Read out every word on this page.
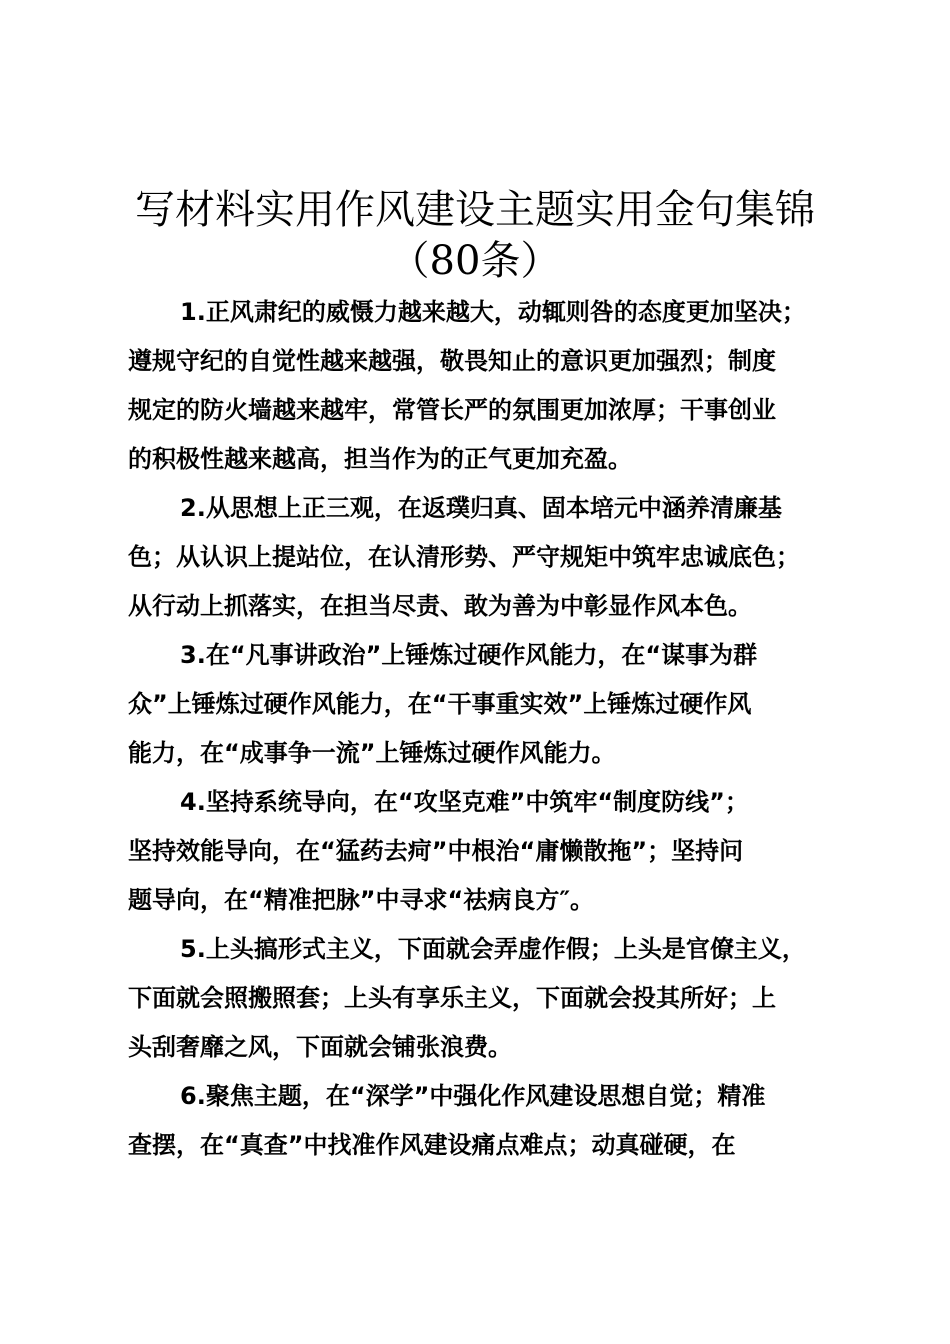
写材料实用作风建设主题实用金句集锦
（80条）
1.正风肃纪的威慑力越来越大，动辄则咎的态度更加坚决；
遵规守纪的自觉性越来越强，敬畏知止的意识更加强烈；制度
规定的防火墙越来越牢，常管长严的氛围更加浓厚；干事创业
的积极性越来越高，担当作为的正气更加充盈。
2.从思想上正三观，在返璞归真、固本培元中涵养清廉基
色；从认识上提站位，在认清形势、严守规矩中筑牢忠诚底色；
从行动上抓落实，在担当尽责、敢为善为中彰显作风本色。
3.在“凡事讲政治”上锤炼过硬作风能力，在“谋事为群
众”上锤炼过硬作风能力，在“干事重实效”上锤炼过硬作风
能力，在“成事争一流”上锤炼过硬作风能力。
4.坚持系统导向，在“攻坚克难”中筑牢“制度防线”；
坚持效能导向，在“猛药去疴”中根治“庸懒散拖”；坚持问
题导向，在“精准把脉”中寻求“祛病良方″。
5.上头搞形式主义，下面就会弄虚作假；上头是官僚主义，
下面就会照搬照套；上头有享乐主义，下面就会投其所好；上
头刮奢靡之风，下面就会铺张浪费。
6.聚焦主题，在“深学”中强化作风建设思想自觉；精准
查摆，在“真查”中找准作风建设痛点难点；动真碰硬，在
